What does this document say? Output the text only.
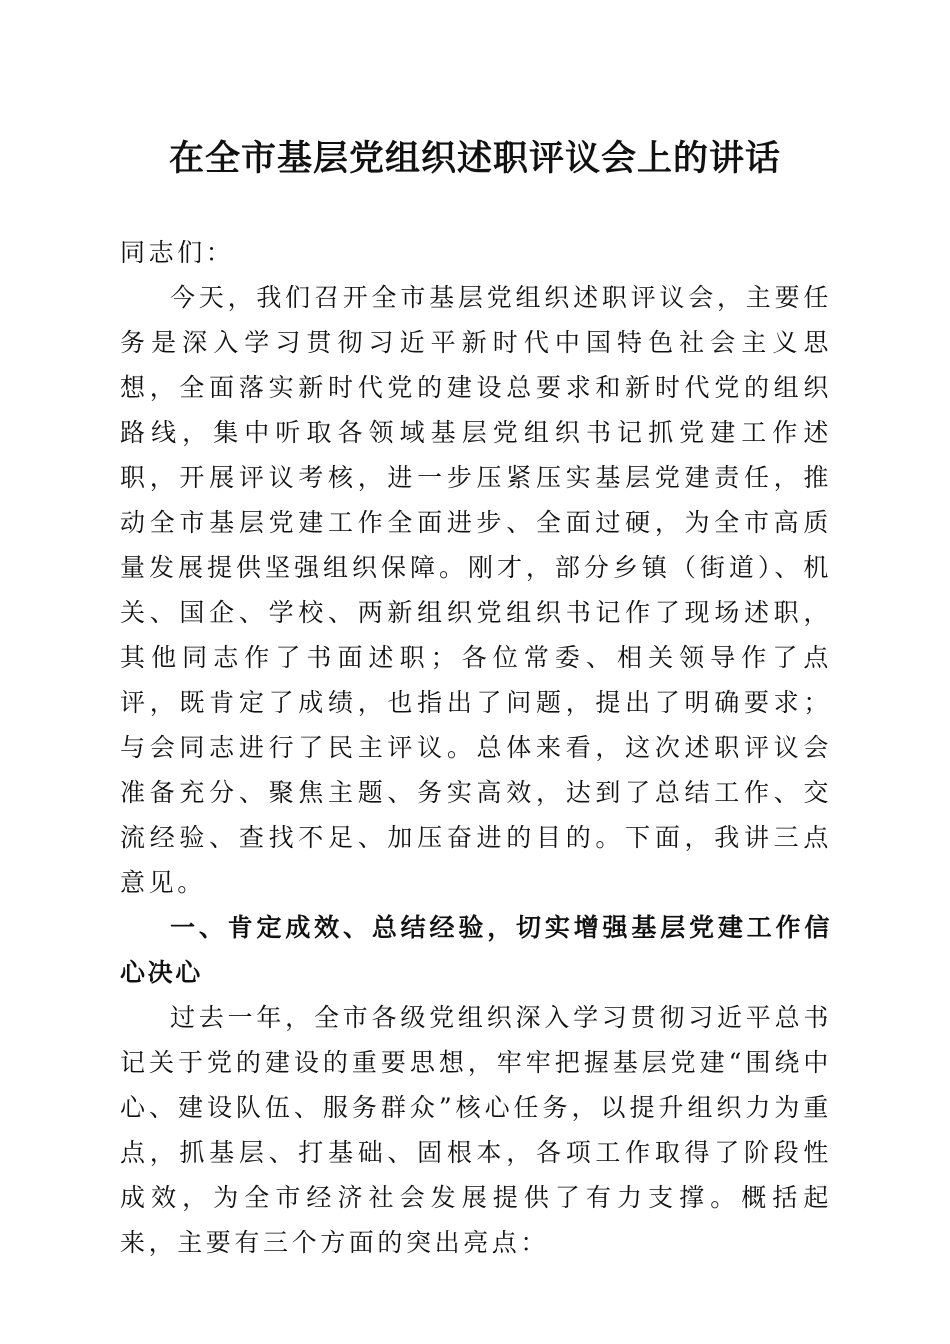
在全市基层党组织述职评议会上的讲话

同志们：

今天，我们召开全市基层党组织述职评议会，主要任务是深入学习贯彻习近平新时代中国特色社会主义思想，全面落实新时代党的建设总要求和新时代党的组织路线，集中听取各领域基层党组织书记抓党建工作述职，开展评议考核，进一步压紧压实基层党建责任，推动全市基层党建工作全面进步、全面过硬，为全市高质量发展提供坚强组织保障。刚才，部分乡镇（街道）、机关、国企、学校、两新组织党组织书记作了现场述职，其他同志作了书面述职；各位常委、相关领导作了点评，既肯定了成绩，也指出了问题，提出了明确要求；与会同志进行了民主评议。总体来看，这次述职评议会准备充分、聚焦主题、务实高效，达到了总结工作、交流经验、查找不足、加压奋进的目的。下面，我讲三点意见。

一、肯定成效、总结经验，切实增强基层党建工作信心决心

过去一年，全市各级党组织深入学习贯彻习近平总书记关于党的建设的重要思想，牢牢把握基层党建“围绕中心、建设队伍、服务群众”核心任务，以提升组织力为重点，抓基层、打基础、固根本，各项工作取得了阶段性成效，为全市经济社会发展提供了有力支撑。概括起来，主要有三个方面的突出亮点：
